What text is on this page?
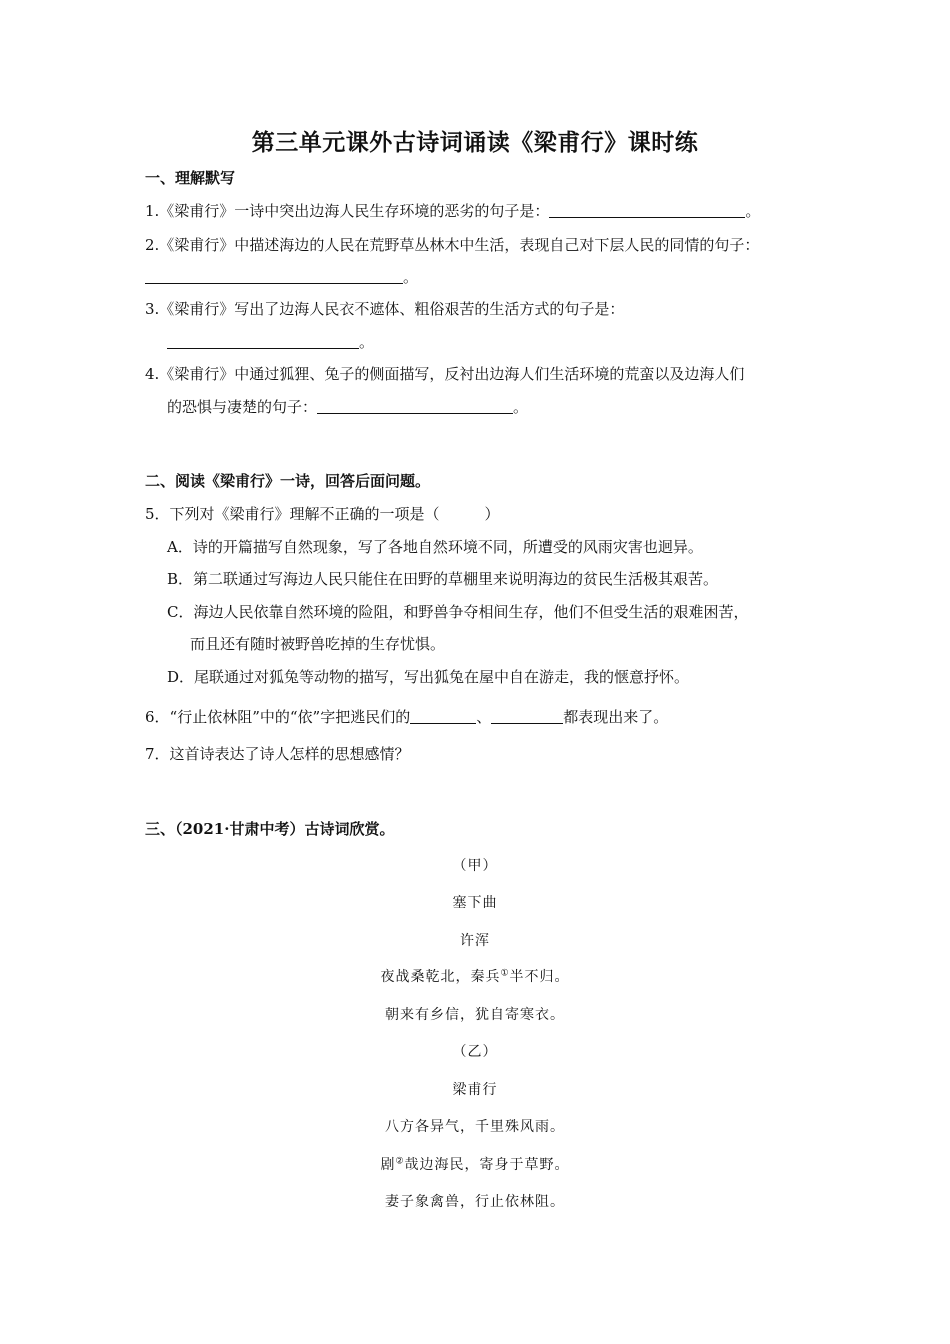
第三单元课外古诗词诵读《梁甫行》课时练
一、理解默写
1.《梁甫行》一诗中突出边海人民生存环境的恶劣的句子是：	。
2.《梁甫行》中描述海边的人民在荒野草丛林木中生活，表现自己对下层人民的同情的句子：
。
3.《梁甫行》写出了边海人民衣不遮体、粗俗艰苦的生活方式的句子是：
。
4.《梁甫行》中通过狐狸、兔子的侧面描写，反衬出边海人们生活环境的荒蛮以及边海人们
的恐惧与凄楚的句子：	。
二、阅读《梁甫行》一诗，回答后面问题。
5．下列对《梁甫行》理解不正确的一项是（　　　）
A．诗的开篇描写自然现象，写了各地自然环境不同，所遭受的风雨灾害也迥异。
B．第二联通过写海边人民只能住在田野的草棚里来说明海边的贫民生活极其艰苦。
C．海边人民依靠自然环境的险阻，和野兽争夺相间生存，他们不但受生活的艰难困苦，
而且还有随时被野兽吃掉的生存忧惧。
D．尾联通过对狐兔等动物的描写，写出狐兔在屋中自在游走，我的惬意抒怀。
6．“行止依林阻”中的“依”字把逃民们的	、	都表现出来了。
7．这首诗表达了诗人怎样的思想感情？
三、（2021·甘肃中考）古诗词欣赏。
（甲）
塞下曲
许浑
夜战桑乾北，秦兵①半不归。
朝来有乡信，犹自寄寒衣。
（乙）
梁甫行
八方各异气，千里殊风雨。
剧②哉边海民，寄身于草野。
妻子象禽兽，行止依林阻。
